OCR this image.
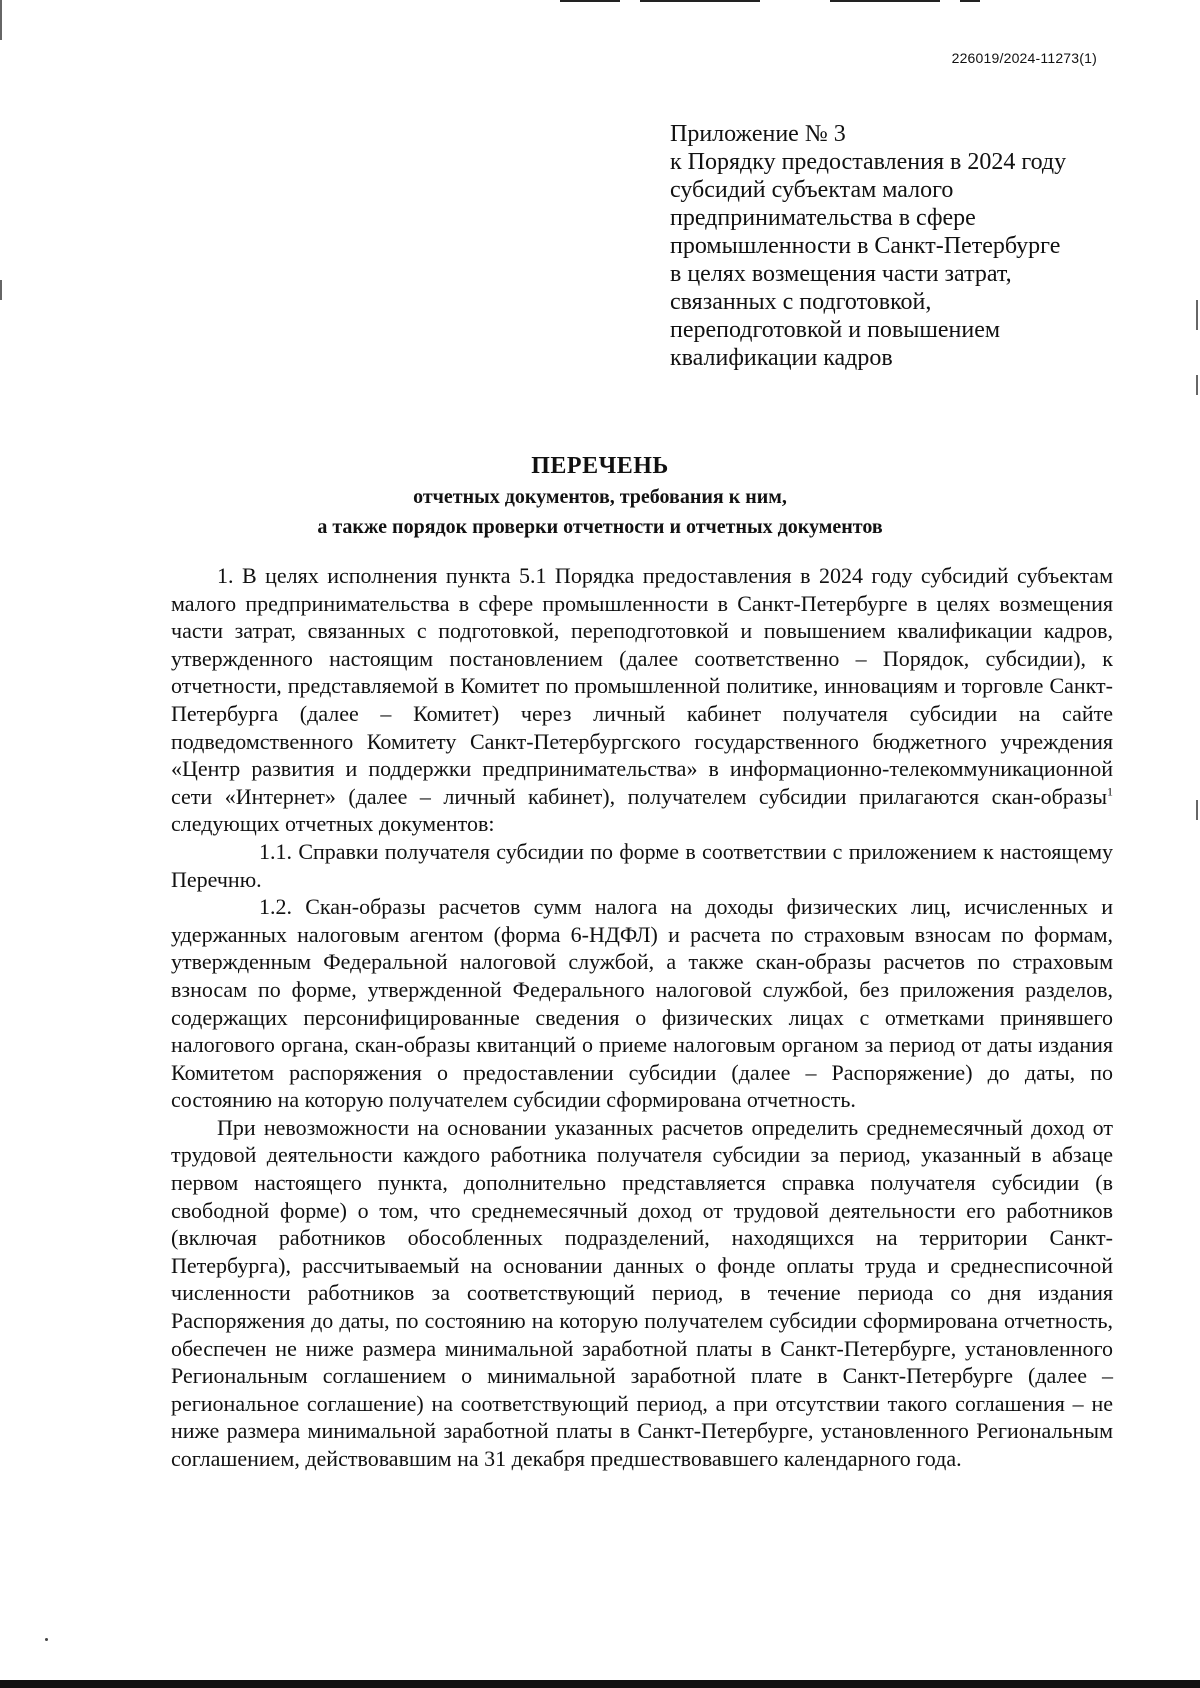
226019/2024-11273(1)
Приложение № 3
к Порядку предоставления в 2024 году
субсидий субъектам малого
предпринимательства в сфере
промышленности в Санкт-Петербурге
в целях возмещения части затрат,
связанных с подготовкой,
переподготовкой и повышением
квалификации кадров
ПЕРЕЧЕНЬ
отчетных документов, требования к ним,
а также порядок проверки отчетности и отчетных документов

1. В целях исполнения пункта 5.1 Порядка предоставления в 2024 году субсидий субъектам малого предпринимательства в сфере промышленности в Санкт-Петербурге в целях возмещения части затрат, связанных с подготовкой, переподготовкой и повышением квалификации кадров, утвержденного настоящим постановлением (далее соответственно – Порядок, субсидии), к отчетности, представляемой в Комитет по промышленной политике, инновациям и торговле Санкт-Петербурга (далее – Комитет) через личный кабинет получателя субсидии на сайте подведомственного Комитету Санкт-Петербургского государственного бюджетного учреждения «Центр развития и поддержки предпринимательства» в информационно-телекоммуникационной сети «Интернет» (далее – личный кабинет), получателем субсидии прилагаются скан-образы$^1$ следующих отчетных документов:

1.1. Справки получателя субсидии по форме в соответствии с приложением к настоящему Перечню.

1.2. Скан-образы расчетов сумм налога на доходы физических лиц, исчисленных и удержанных налоговым агентом (форма 6-НДФЛ) и расчета по страховым взносам по формам, утвержденным Федеральной налоговой службой, а также скан-образы расчетов по страховым взносам по форме, утвержденной Федерального налоговой службой, без приложения разделов, содержащих персонифицированные сведения о физических лицах с отметками принявшего налогового органа, скан-образы квитанций о приеме налоговым органом за период от даты издания Комитетом распоряжения о предоставлении субсидии (далее – Распоряжение) до даты, по состоянию на которую получателем субсидии сформирована отчетность.

При невозможности на основании указанных расчетов определить среднемесячный доход от трудовой деятельности каждого работника получателя субсидии за период, указанный в абзаце первом настоящего пункта, дополнительно представляется справка получателя субсидии (в свободной форме) о том, что среднемесячный доход от трудовой деятельности его работников (включая работников обособленных подразделений, находящихся на территории Санкт-Петербурга), рассчитываемый на основании данных о фонде оплаты труда и среднесписочной численности работников за соответствующий период, в течение периода со дня издания Распоряжения до даты, по состоянию на которую получателем субсидии сформирована отчетность, обеспечен не ниже размера минимальной заработной платы в Санкт-Петербурге, установленного Региональным соглашением о минимальной заработной плате в Санкт-Петербурге (далее – региональное соглашение) на соответствующий период, а при отсутствии такого соглашения – не ниже размера минимальной заработной платы в Санкт-Петербурге, установленного Региональным соглашением, действовавшим на 31 декабря предшествовавшего календарного года.
